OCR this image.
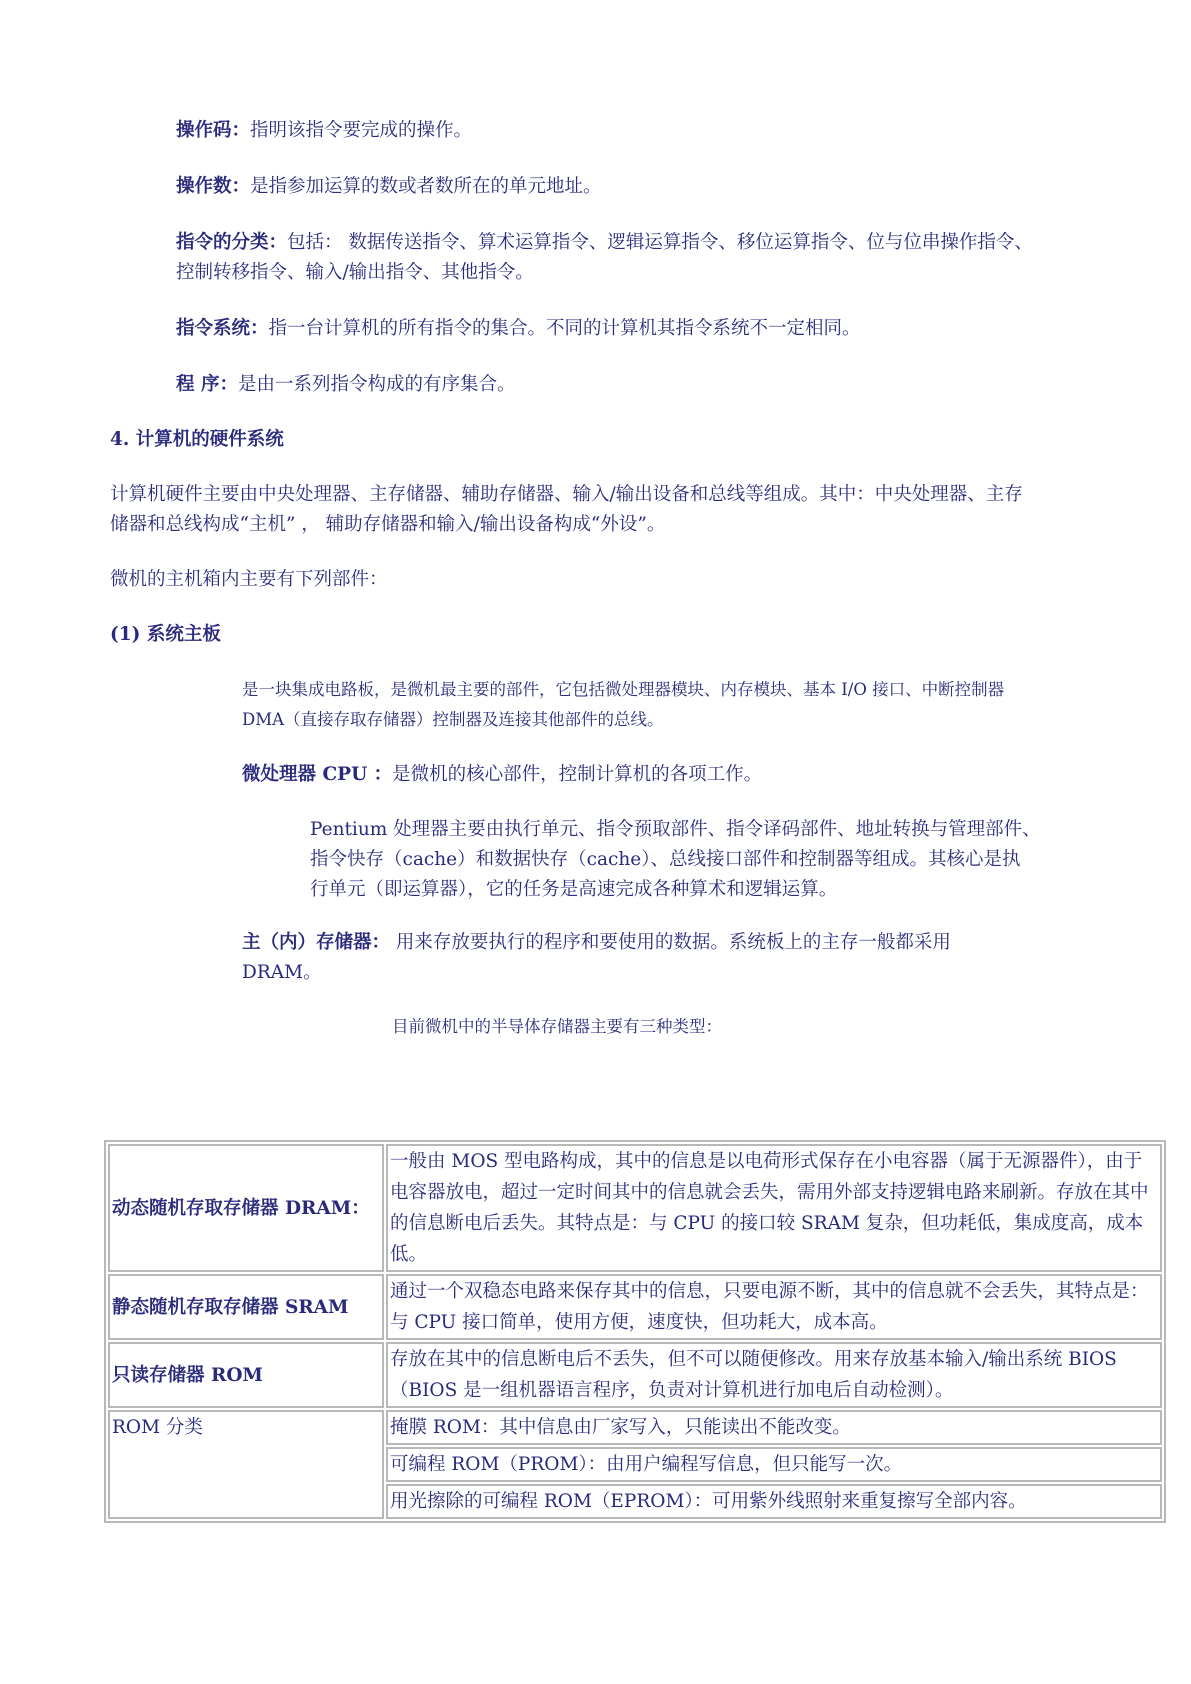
操作码：指明该指令要完成的操作。
操作数：是指参加运算的数或者数所在的单元地址。
指令的分类：包括： 数据传送指令、算术运算指令、逻辑运算指令、移位运算指令、位与位串操作指令、
控制转移指令、输入/输出指令、其他指令。
指令系统：指一台计算机的所有指令的集合。不同的计算机其指令系统不一定相同。
程 序：是由一系列指令构成的有序集合。
4. 计算机的硬件系统
计算机硬件主要由中央处理器、主存储器、辅助存储器、输入/输出设备和总线等组成。其中：中央处理器、主存
储器和总线构成“主机” ， 辅助存储器和输入/输出设备构成“外设”。
微机的主机箱内主要有下列部件：
(1) 系统主板
是一块集成电路板，是微机最主要的部件，它包括微处理器模块、内存模块、基本 I/O 接口、中断控制器
DMA（直接存取存储器）控制器及连接其他部件的总线。
微处理器 CPU ：是微机的核心部件，控制计算机的各项工作。
Pentium 处理器主要由执行单元、指令预取部件、指令译码部件、地址转换与管理部件、
指令快存（cache）和数据快存（cache）、总线接口部件和控制器等组成。其核心是执
行单元（即运算器），它的任务是高速完成各种算术和逻辑运算。
主（内）存储器： 用来存放要执行的程序和要使用的数据。系统板上的主存一般都采用
DRAM。
目前微机中的半导体存储器主要有三种类型：
动态随机存取存储器 DRAM：	一般由 MOS 型电路构成，其中的信息是以电荷形式保存在小电容器（属于无源器件），由于电容器放电，超过一定时间其中的信息就会丢失，需用外部支持逻辑电路来刷新。存放在其中的信息断电后丢失。其特点是：与 CPU 的接口较 SRAM 复杂，但功耗低，集成度高，成本低。
静态随机存取存储器 SRAM	通过一个双稳态电路来保存其中的信息，只要电源不断，其中的信息就不会丢失，其特点是：与 CPU 接口简单，使用方便，速度快，但功耗大，成本高。
只读存储器 ROM	存放在其中的信息断电后不丢失，但不可以随便修改。用来存放基本输入/输出系统 BIOS（BIOS 是一组机器语言程序，负责对计算机进行加电后自动检测）。
ROM 分类	掩膜 ROM：其中信息由厂家写入，只能读出不能改变。
	可编程 ROM（PROM）：由用户编程写信息，但只能写一次。
	用光擦除的可编程 ROM（EPROM）：可用紫外线照射来重复擦写全部内容。
